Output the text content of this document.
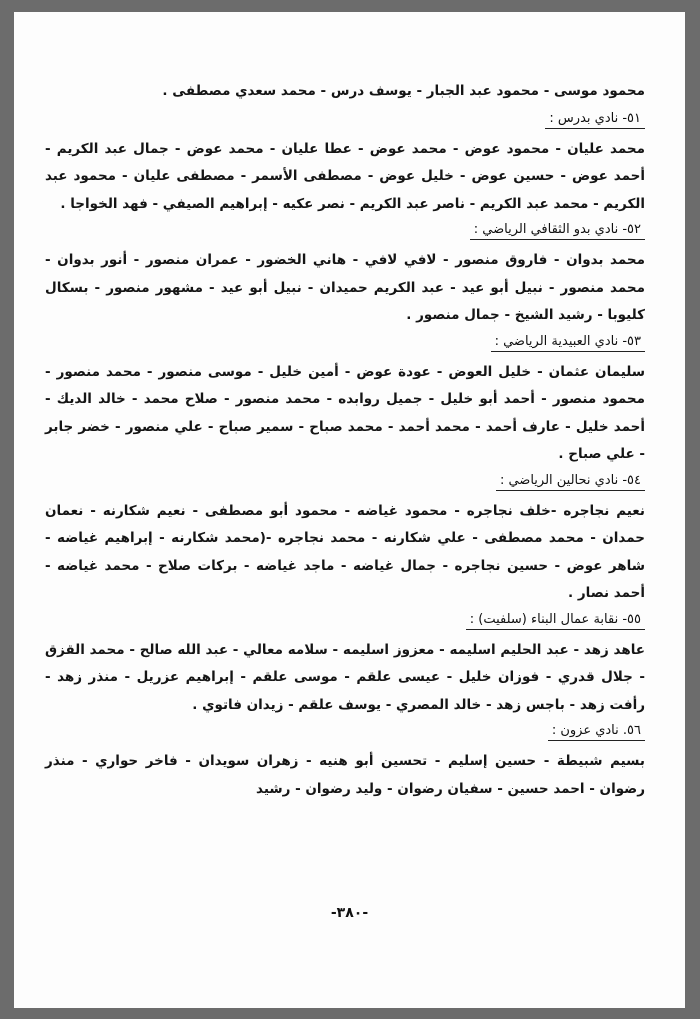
محمود موسى - محمود عبد الجبار - يوسف درس - محمد سعدي مصطفى .

٥١- نادي بدرس :

محمد عليان - محمود عوض - محمد عوض - عطا عليان - محمد عوض - جمال عبد الكريم - أحمد عوض - حسين عوض - خليل عوض - مصطفى الأسمر - مصطفى عليان - محمود عبد الكريم - محمد عبد الكريم - ناصر عبد الكريم - نصر عكيه - إبراهيم الصيفي - فهد الخواجا .

٥٢- نادي بدو الثقافي الرياضي :

محمد بدوان - فاروق منصور - لافي لافي - هاني الخضور - عمران منصور - أنور بدوان - محمد منصور - نبيل أبو عيد - عبد الكريم حميدان - نبيل أبو عيد - مشهور منصور - بسكال كليوبا - رشيد الشيخ - جمال منصور .

٥٣- نادي العبيدية الرياضي :

سليمان عثمان - خليل العوض - عودة عوض - أمين خليل - موسى منصور - محمد منصور - محمود منصور - أحمد أبو خليل - جميل روابده - محمد منصور - صلاح محمد - خالد الديك - أحمد خليل - عارف أحمد - محمد أحمد - محمد صباح - سمير صباح - علي منصور - خضر جابر - علي صباح .

٥٤- نادي نحالين الرياضي :

نعيم نجاجره -خلف نجاجره - محمود غياضه - محمود أبو مصطفى - نعيم شكارنه - نعمان حمدان - محمد مصطفى - علي شكارنه - محمد نجاجره -(محمد شكارنه - إبراهيم غياضه - شاهر عوض - حسين نجاجره - جمال غياضه - ماجد غياضه - بركات صلاح - محمد غياضه - أحمد نصار .

٥٥- نقابة عمال البناء (سلفيت) :

عاهد زهد - عبد الحليم اسليمه - معزوز اسليمه - سلامه معالي - عبد الله صالح - محمد القزق - جلال قدري - فوزان خليل - عيسى علقم - موسى علقم - إبراهيم عزريل - منذر زهد - رأفت زهد - باجس زهد - خالد المصري - يوسف علقم - زيدان فاتوي .

٥٦. نادي عزون :

بسيم شبيطة - حسين إسليم - تحسين أبو هنيه - زهران سويدان - فاخر حواري - منذر رضوان - احمد حسين - سفيان رضوان - وليد رضوان - رشيد

-٣٨٠-
